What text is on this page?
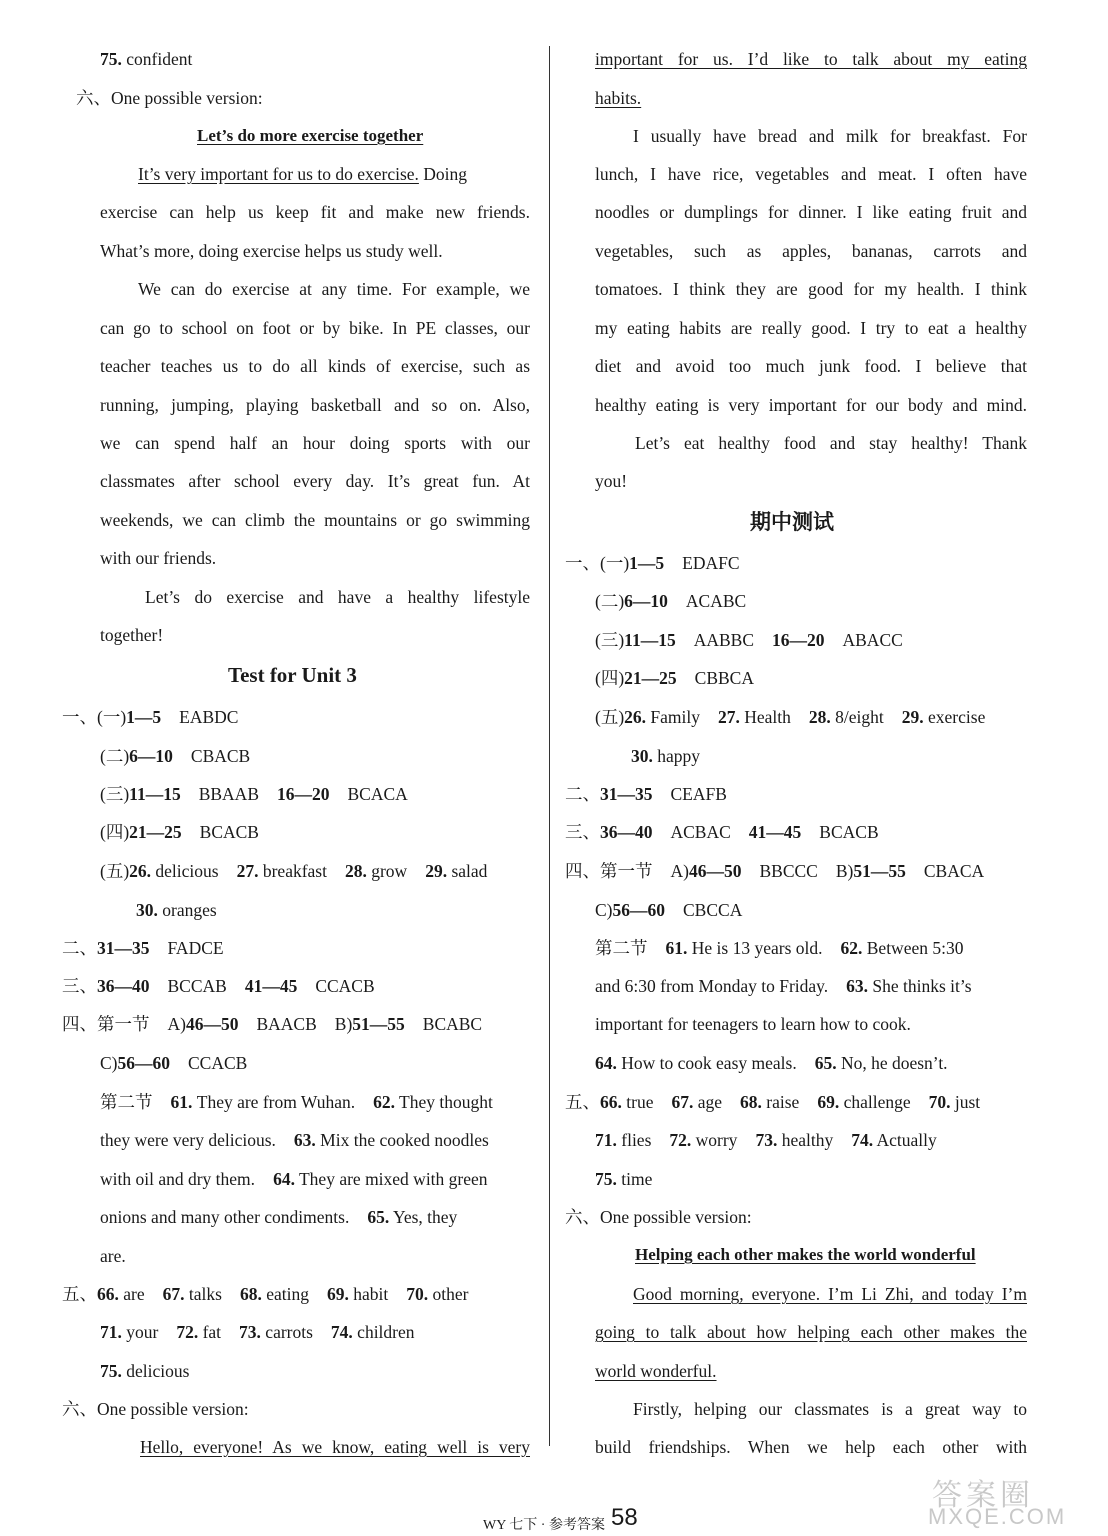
75. confident
六、One possible version:
Let’s do more exercise together
It’s very important for us to do exercise. Doing
exercise can help us keep fit and make new friends.
What’s more, doing exercise helps us study well.
We can do exercise at any time. For example, we
can go to school on foot or by bike. In PE classes, our
teacher teaches us to do all kinds of exercise, such as
running, jumping, playing basketball and so on. Also,
we can spend half an hour doing sports with our
classmates after school every day. It’s great fun. At
weekends, we can climb the mountains or go swimming
with our friends.
Let’s do exercise and have a healthy lifestyle
together!
Test for Unit 3
一、(一)1—5 EABDC
(二)6—10 CBACB
(三)11—15 BBAAB 16—20 BCACA
(四)21—25 BCACB
(五)26. delicious 27. breakfast 28. grow 29. salad
30. oranges
二、31—35 FADCE
三、36—40 BCCAB 41—45 CCACB
四、第一节 A)46—50 BAACB B)51—55 BCABC
C)56—60 CCACB
第二节 61. They are from Wuhan. 62. They thought
they were very delicious. 63. Mix the cooked noodles
with oil and dry them. 64. They are mixed with green
onions and many other condiments. 65. Yes, they
are.
五、66. are 67. talks 68. eating 69. habit 70. other
71. your 72. fat 73. carrots 74. children
75. delicious
六、One possible version:
Hello, everyone! As we know, eating well is very
important for us. I’d like to talk about my eating
habits.
I usually have bread and milk for breakfast. For
lunch, I have rice, vegetables and meat. I often have
noodles or dumplings for dinner. I like eating fruit and
vegetables, such as apples, bananas, carrots and
tomatoes. I think they are good for my health. I think
my eating habits are really good. I try to eat a healthy
diet and avoid too much junk food. I believe that
healthy eating is very important for our body and mind.
Let’s eat healthy food and stay healthy! Thank
you!
期中测试
一、(一)1—5 EDAFC
(二)6—10 ACABC
(三)11—15 AABBC 16—20 ABACC
(四)21—25 CBBCA
(五)26. Family 27. Health 28. 8/eight 29. exercise
30. happy
二、31—35 CEAFB
三、36—40 ACBAC 41—45 BCACB
四、第一节 A)46—50 BBCCC B)51—55 CBACA
C)56—60 CBCCA
第二节 61. He is 13 years old. 62. Between 5:30
and 6:30 from Monday to Friday. 63. She thinks it’s
important for teenagers to learn how to cook.
64. How to cook easy meals. 65. No, he doesn’t.
五、66. true 67. age 68. raise 69. challenge 70. just
71. flies 72. worry 73. healthy 74. Actually
75. time
六、One possible version:
Helping each other makes the world wonderful
Good morning, everyone. I’m Li Zhi, and today I’m
going to talk about how helping each other makes the
world wonderful.
Firstly, helping our classmates is a great way to
build friendships. When we help each other with
WY 七下 · 参考答案 58
答案圈
MXQE.COM
